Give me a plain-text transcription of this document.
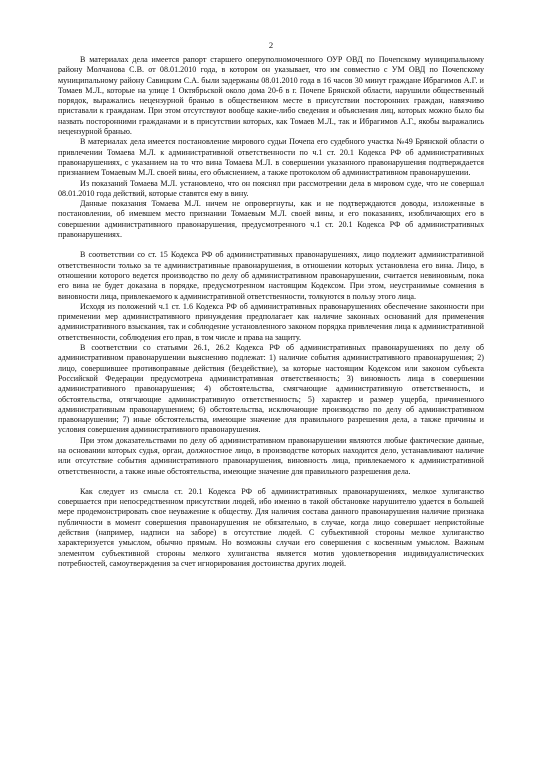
2

В материалах дела имеется рапорт старшего оперуполномоченного ОУР ОВД по Почепскому муниципальному району Молчанова С.В. от 08.01.2010 года, в котором он указывает, что им совместно с УМ ОВД по Почепскому муниципальному району Савицким С.А. были задержаны 08.01.2010 года в 16 часов 30 минут граждане Ибрагимов А.Г. и Томаев М.Л., которые на улице 1 Октябрьской около дома 20-б в г. Почепе Брянской области, нарушили общественный порядок, выражались нецензурной бранью в общественном месте в присутствии посторонних граждан, навязчиво приставали к гражданам. При этом отсутствуют вообще какие-либо сведения и объяснения лиц, которых можно было бы назвать посторонними гражданами и в присутствии которых, как Томаев М.Л., так и Ибрагимов А.Г., якобы выражались нецензурной бранью.

В материалах дела имеется постановление мирового судьи Почепа его судебного участка №49 Брянской области о привлечении Томаева М.Л. к административной ответственности по ч.1 ст. 20.1 Кодекса РФ об административных правонарушениях, с указанием на то что вина Томаева М.Л. в совершении указанного правонарушения подтверждается признанием Томаевым М.Л. своей вины, его объяснением, а также протоколом об административном правонарушении.

Из показаний Томаева М.Л. установлено, что он пояснял при рассмотрении дела в мировом суде, что не совершал 08.01.2010 года действий, которые ставятся ему в вину.

Данные показания Томаева М.Л. ничем не опровергнуты, как и не подтверждаются доводы, изложенные в постановлении, об имевшем место признании Томаевым М.Л. своей вины, и его показаниях, изобличающих его в совершении административного правонарушения, предусмотренного ч.1 ст. 20.1 Кодекса РФ об административных правонарушениях.

В соответствии со ст. 15 Кодекса РФ об административных правонарушениях, лицо подлежит административной ответственности только за те административные правонарушения, в отношении которых установлена его вина. Лицо, в отношении которого ведется производство по делу об административном правонарушении, считается невиновным, пока его вина не будет доказана в порядке, предусмотренном настоящим Кодексом. При этом, неустранимые сомнения в виновности лица, привлекаемого к административной ответственности, толкуются в пользу этого лица.

Исходя из положений ч.1 ст. 1.6 Кодекса РФ об административных правонарушениях обеспечение законности при применении мер административного принуждения предполагает как наличие законных оснований для применения административного взыскания, так и соблюдение установленного законом порядка привлечения лица к административной ответственности, соблюдения его прав, в том числе и права на защиту.

В соответствии со статьями 26.1, 26.2 Кодекса РФ об административных правонарушениях по делу об административном правонарушении выяснению подлежат: 1) наличие события административного правонарушения; 2) лицо, совершившее противоправные действия (бездействие), за которые настоящим Кодексом или законом субъекта Российской Федерации предусмотрена административная ответственность; 3) виновность лица в совершении административного правонарушения; 4) обстоятельства, смягчающие административную ответственность, и обстоятельства, отягчающие административную ответственность; 5) характер и размер ущерба, причиненного административным правонарушением; 6) обстоятельства, исключающие производство по делу об административном правонарушении; 7) иные обстоятельства, имеющие значение для правильного разрешения дела, а также причины и условия совершения административного правонарушения.

При этом доказательствами по делу об административном правонарушении являются любые фактические данные, на основании которых судья, орган, должностное лицо, в производстве которых находится дело, устанавливают наличие или отсутствие события административного правонарушения, виновность лица, привлекаемого к административной ответственности, а также иные обстоятельства, имеющие значение для правильного разрешения дела.

Как следует из смысла ст. 20.1 Кодекса РФ об административных правонарушениях, мелкое хулиганство совершается при непосредственном присутствии людей, ибо именно в такой обстановке нарушителю удается в большей мере продемонстрировать свое неуважение к обществу. Для наличия состава данного правонарушения наличие признака публичности в момент совершения правонарушения не обязательно, в случае, когда лицо совершает непристойные действия (например, надписи на заборе) в отсутствие людей. С субъективной стороны мелкое хулиганство характеризуется умыслом, обычно прямым. Но возможны случаи его совершения с косвенным умыслом. Важным элементом субъективной стороны мелкого хулиганства является мотив удовлетворения индивидуалистических потребностей, самоутверждения за счет игнорирования достоинства других людей.
